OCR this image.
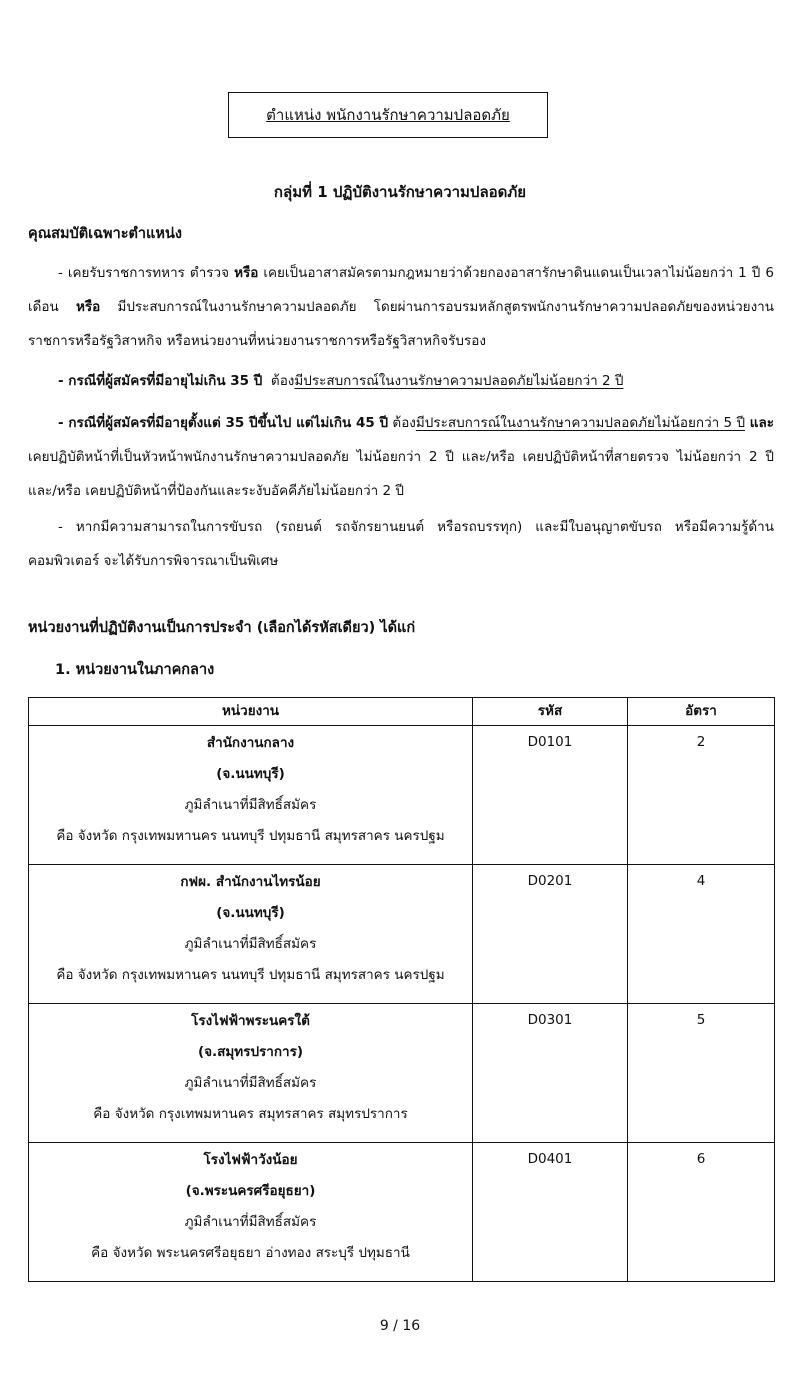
ตำแหน่ง พนักงานรักษาความปลอดภัย
กลุ่มที่ 1 ปฏิบัติงานรักษาความปลอดภัย
คุณสมบัติเฉพาะตำแหน่ง
- เคยรับราชการทหาร ตำรวจ หรือ เคยเป็นอาสาสมัครตามกฎหมายว่าด้วยกองอาสารักษาดินแดนเป็นเวลาไม่น้อยกว่า 1 ปี 6 เดือน หรือ มีประสบการณ์ในงานรักษาความปลอดภัย โดยผ่านการอบรมหลักสูตรพนักงานรักษาความปลอดภัยของหน่วยงานราชการหรือรัฐวิสาหกิจ หรือหน่วยงานที่หน่วยงานราชการหรือรัฐวิสาหกิจรับรอง
- กรณีที่ผู้สมัครที่มีอายุไม่เกิน 35 ปี  ต้องมีประสบการณ์ในงานรักษาความปลอดภัยไม่น้อยกว่า 2 ปี
- กรณีที่ผู้สมัครที่มีอายุตั้งแต่ 35 ปีขึ้นไป แต่ไม่เกิน 45 ปี ต้องมีประสบการณ์ในงานรักษาความปลอดภัยไม่น้อยกว่า 5 ปี และ เคยปฏิบัติหน้าที่เป็นหัวหน้าพนักงานรักษาความปลอดภัย ไม่น้อยกว่า 2 ปี และ/หรือ เคยปฏิบัติหน้าที่สายตรวจ ไม่น้อยกว่า 2 ปี และ/หรือ เคยปฏิบัติหน้าที่ป้องกันและระงับอัคคีภัยไม่น้อยกว่า 2 ปี
- หากมีความสามารถในการขับรถ (รถยนต์ รถจักรยานยนต์ หรือรถบรรทุก) และมีใบอนุญาตขับรถ หรือมีความรู้ด้านคอมพิวเตอร์ จะได้รับการพิจารณาเป็นพิเศษ
หน่วยงานที่ปฏิบัติงานเป็นการประจำ (เลือกได้รหัสเดียว) ได้แก่
1. หน่วยงานในภาคกลาง
หน่วยงาน	รหัส	อัตรา

สำนักงานกลาง
(จ.นนทบุรี)
ภูมิลำเนาที่มีสิทธิ์สมัคร
คือ จังหวัด กรุงเทพมหานคร นนทบุรี ปทุมธานี สมุทรสาคร นครปฐม	D0101	2

กฟผ. สำนักงานไทรน้อย
(จ.นนทบุรี)
ภูมิลำเนาที่มีสิทธิ์สมัคร
คือ จังหวัด กรุงเทพมหานคร นนทบุรี ปทุมธานี สมุทรสาคร นครปฐม	D0201	4

โรงไฟฟ้าพระนครใต้
(จ.สมุทรปราการ)
ภูมิลำเนาที่มีสิทธิ์สมัคร
คือ จังหวัด กรุงเทพมหานคร สมุทรสาคร สมุทรปราการ	D0301	5

โรงไฟฟ้าวังน้อย
(จ.พระนครศรีอยุธยา)
ภูมิลำเนาที่มีสิทธิ์สมัคร
คือ จังหวัด พระนครศรีอยุธยา อ่างทอง สระบุรี ปทุมธานี	D0401	6
9 / 16
